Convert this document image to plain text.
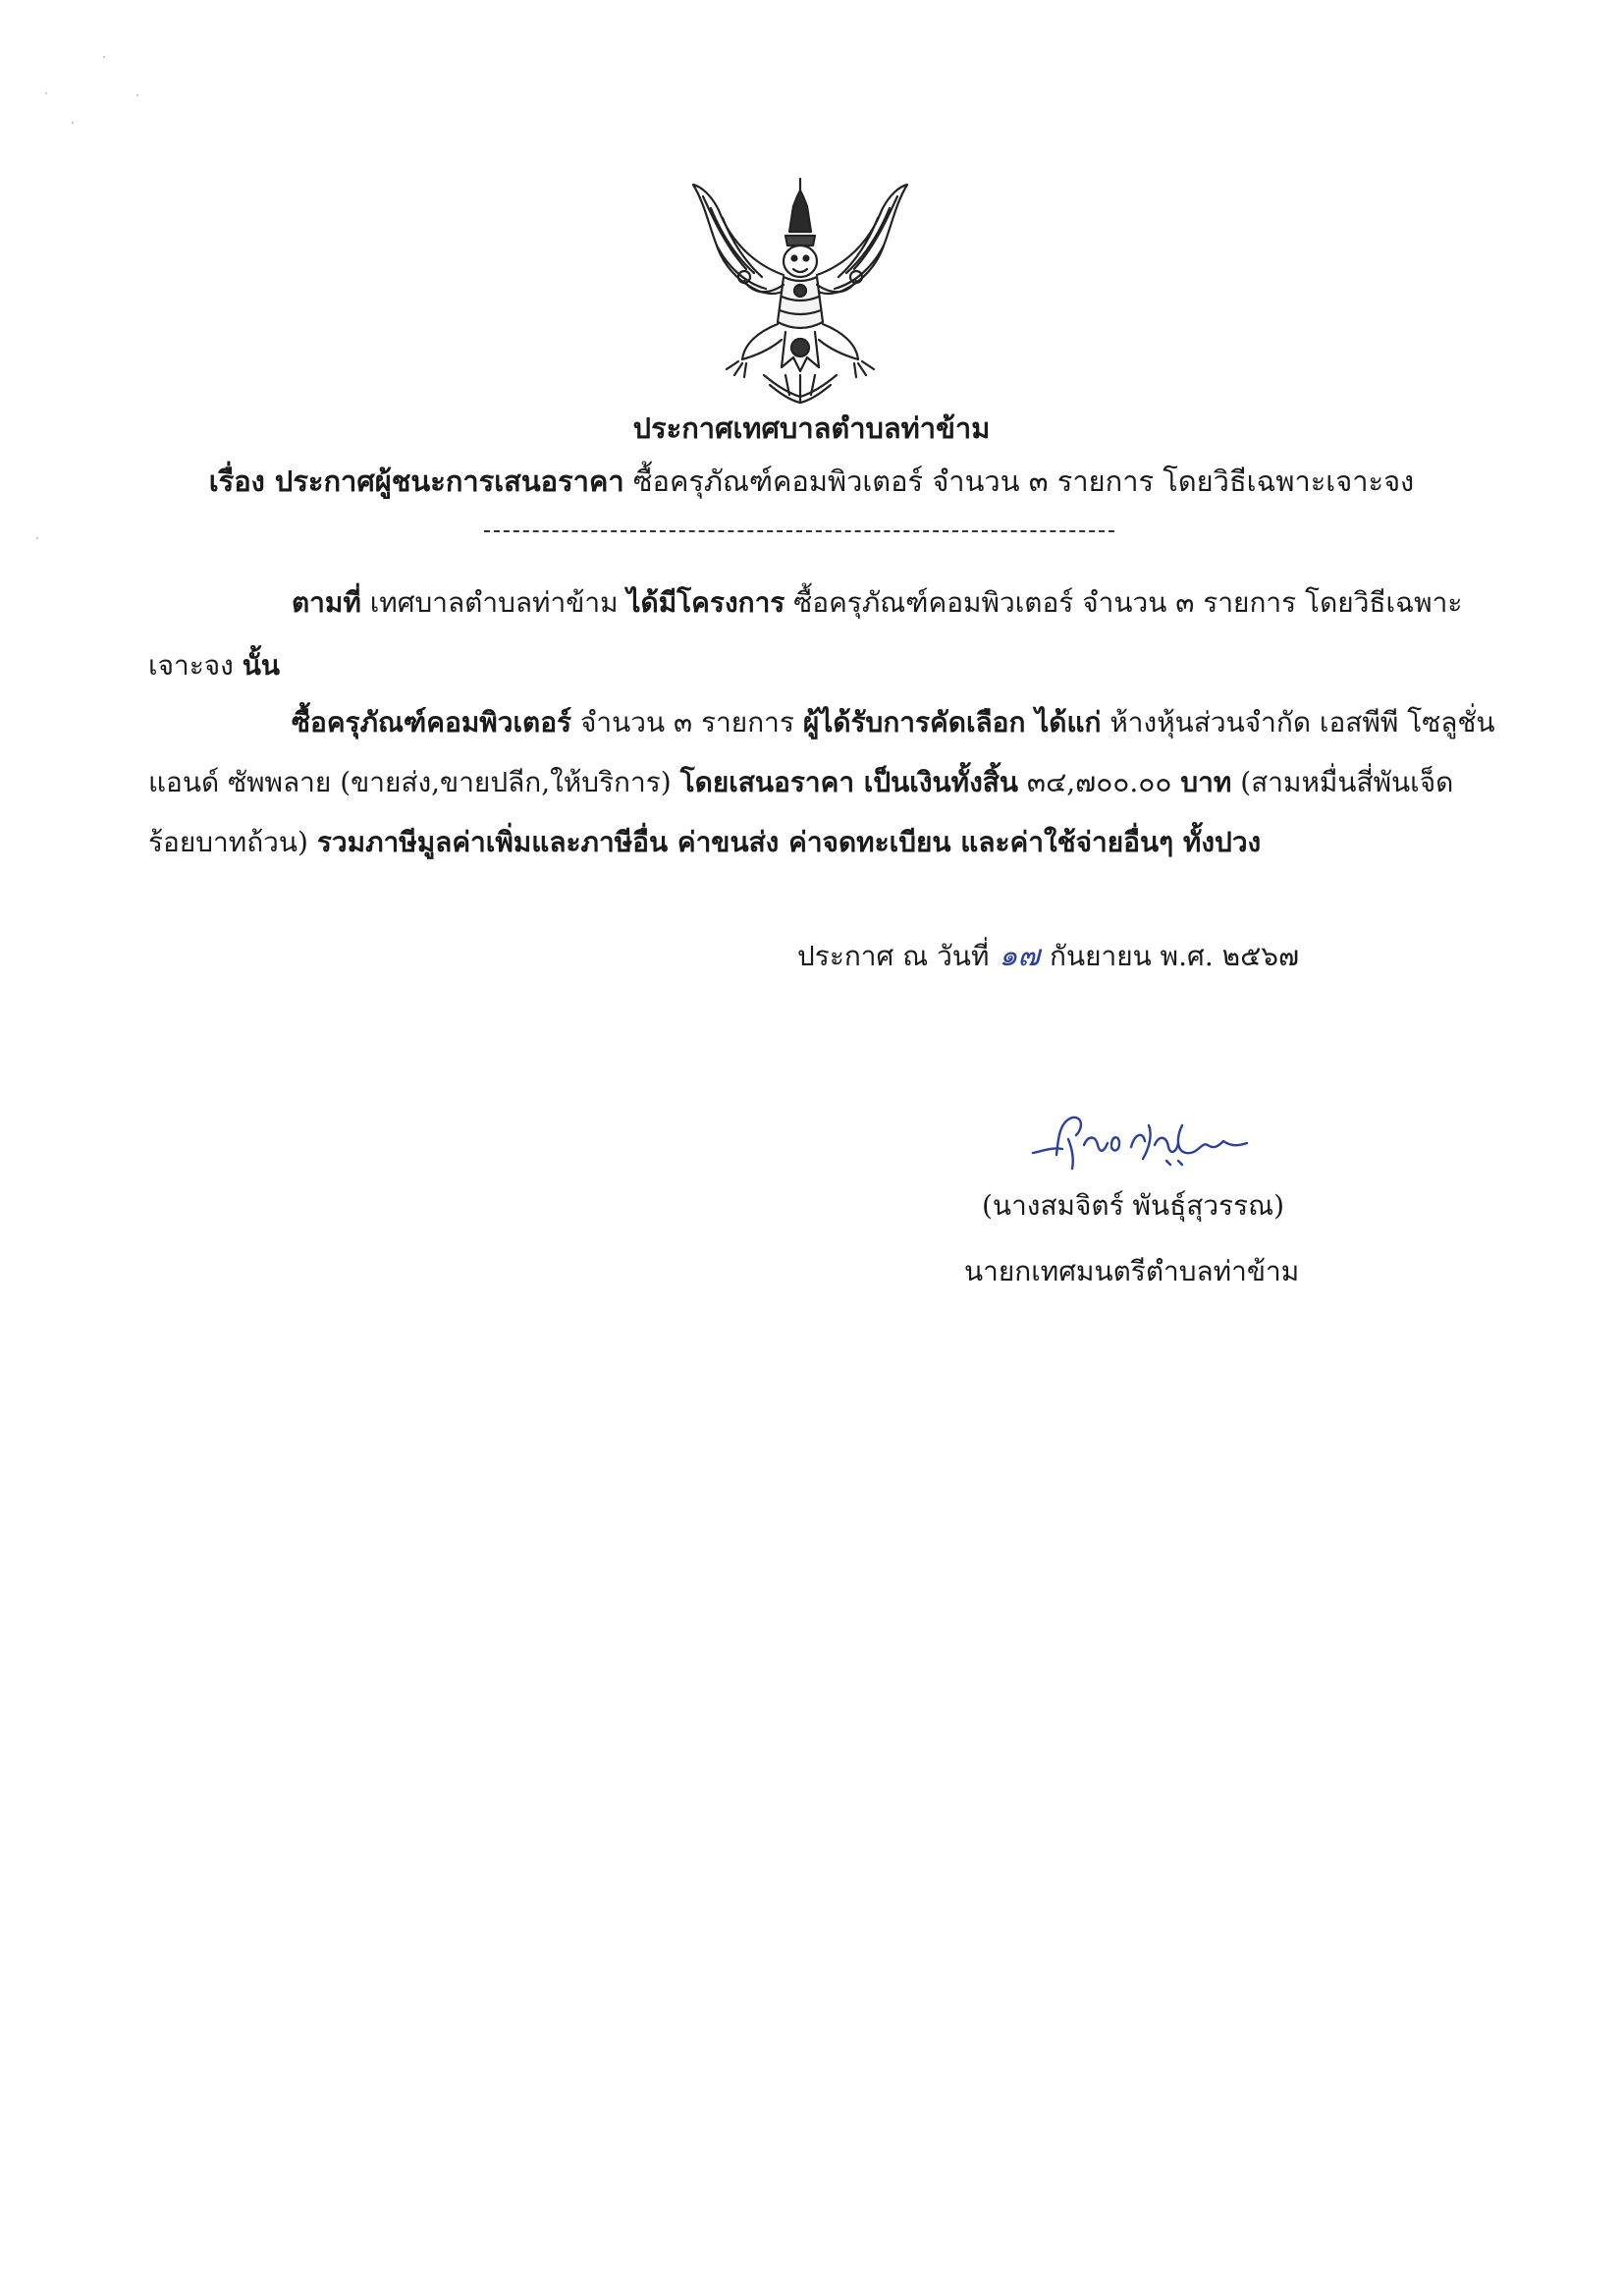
ประกาศเทศบาลตำบลท่าข้าม
เรื่อง ประกาศผู้ชนะการเสนอราคา ซื้อครุภัณฑ์คอมพิวเตอร์ จำนวน ๓ รายการ โดยวิธีเฉพาะเจาะจง
ตามที่ เทศบาลตำบลท่าข้าม ได้มีโครงการ ซื้อครุภัณฑ์คอมพิวเตอร์ จำนวน ๓ รายการ โดยวิธีเฉพาะ
เจาะจง นั้น
ซื้อครุภัณฑ์คอมพิวเตอร์ จำนวน ๓ รายการ ผู้ได้รับการคัดเลือก ได้แก่ ห้างหุ้นส่วนจำกัด เอสพีพี โซลูชั่น
แอนด์ ซัพพลาย (ขายส่ง,ขายปลีก,ให้บริการ) โดยเสนอราคา เป็นเงินทั้งสิ้น ๓๔,๗๐๐.๐๐ บาท (สามหมื่นสี่พันเจ็ด
ร้อยบาทถ้วน) รวมภาษีมูลค่าเพิ่มและภาษีอื่น ค่าขนส่ง ค่าจดทะเบียน และค่าใช้จ่ายอื่นๆ ทั้งปวง
ประกาศ ณ วันที่ ๑๗ กันยายน พ.ศ. ๒๕๖๗
(นางสมจิตร์ พันธุ์สุวรรณ)
นายกเทศมนตรีตำบลท่าข้าม
